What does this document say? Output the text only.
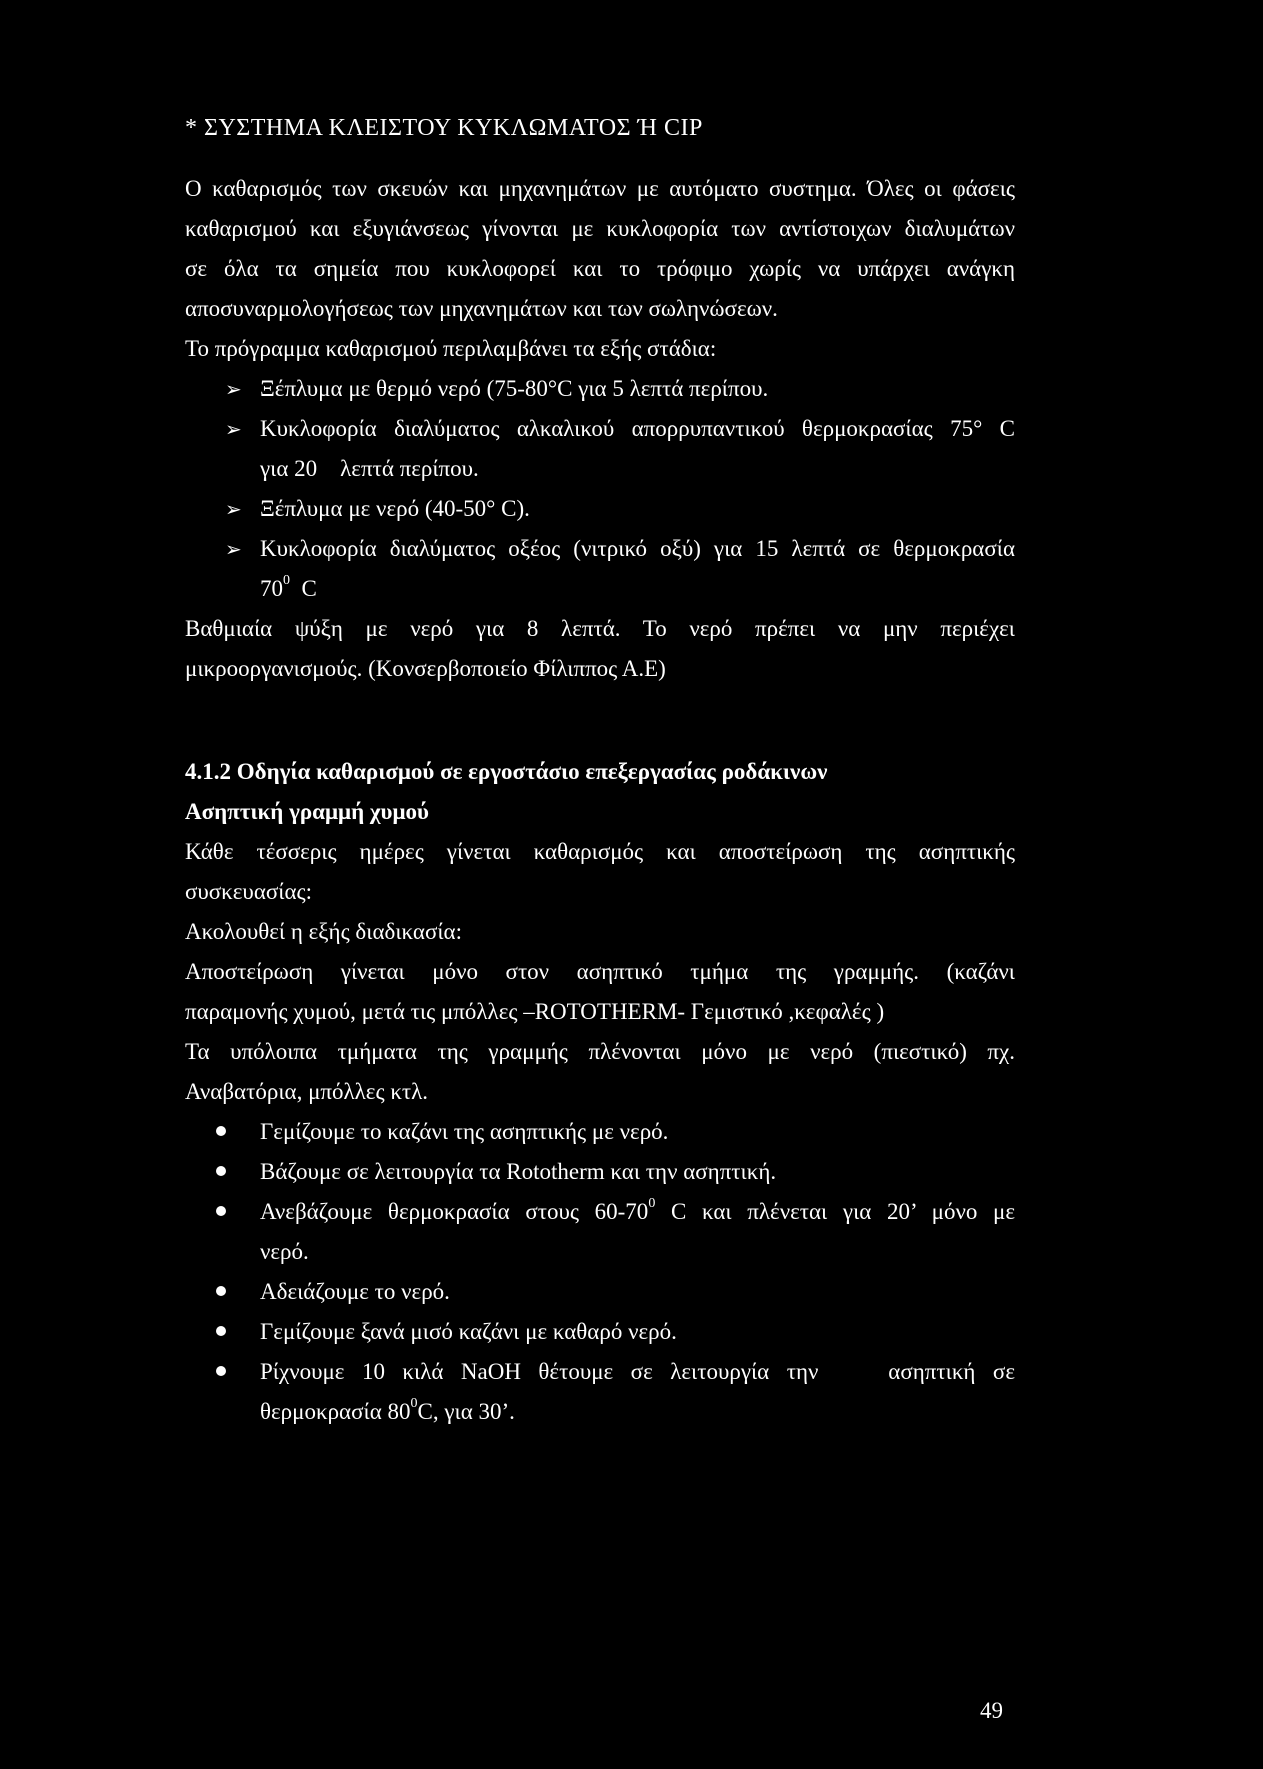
* ΣΥΣΤΗΜΑ ΚΛΕΙΣΤΟΥ ΚΥΚΛΩΜΑΤΟΣ Ή CIP
Ο καθαρισμός των σκευών και μηχανημάτων με αυτόματο συστημα. Όλες οι φάσεις
καθαρισμού και εξυγιάνσεως γίνονται με κυκλοφορία των αντίστοιχων διαλυμάτων
σε όλα τα σημεία που κυκλοφορεί και το τρόφιμο χωρίς να υπάρχει ανάγκη
αποσυναρμολογήσεως των μηχανημάτων και των σωληνώσεων.
Το πρόγραμμα καθαρισμού περιλαμβάνει τα εξής στάδια:
➢ Ξέπλυμα με θερμό νερό (75-80°C για 5 λεπτά περίπου.
➢ Κυκλοφορία διαλύματος αλκαλικού απορρυπαντικού θερμοκρασίας 75° C
για 20    λεπτά περίπου.
➢ Ξέπλυμα με νερό (40-50° C).
➢ Κυκλοφορία διαλύματος οξέος (νιτρικό οξύ) για 15 λεπτά σε θερμοκρασία
$70^0$  C
Βαθμιαία ψύξη με νερό για 8 λεπτά. Το νερό πρέπει να μην περιέχει
μικροοργανισμούς. (Κονσερβοποιείο Φίλιππος Α.Ε)
4.1.2 Οδηγία καθαρισμού σε εργοστάσιο επεξεργασίας ροδάκινων
Ασηπτική γραμμή χυμού
Κάθε τέσσερις ημέρες γίνεται καθαρισμός και αποστείρωση της ασηπτικής
συσκευασίας:
Ακολουθεί η εξής διαδικασία:
Αποστείρωση γίνεται μόνο στον ασηπτικό τμήμα της γραμμής. (καζάνι
παραμονής χυμού, μετά τις μπόλλες –ROTOTHERM- Γεμιστικό ,κεφαλές )
Τα υπόλοιπα τμήματα της γραμμής πλένονται μόνο με νερό (πιεστικό) πχ.
Αναβατόρια, μπόλλες κτλ.
Γεμίζουμε το καζάνι της ασηπτικής με νερό.
Βάζουμε σε λειτουργία τα Rototherm και την ασηπτική.
Ανεβάζουμε θερμοκρασία στους $60-70^0$ C και πλένεται για 20’ μόνο με
νερό.
Αδειάζουμε το νερό.
Γεμίζουμε ξανά μισό καζάνι με καθαρό νερό.
Ρίχνουμε 10 κιλά NaOH θέτουμε σε λειτουργία την    ασηπτική σε
θερμοκρασία $80^0C$, για 30’.
49
